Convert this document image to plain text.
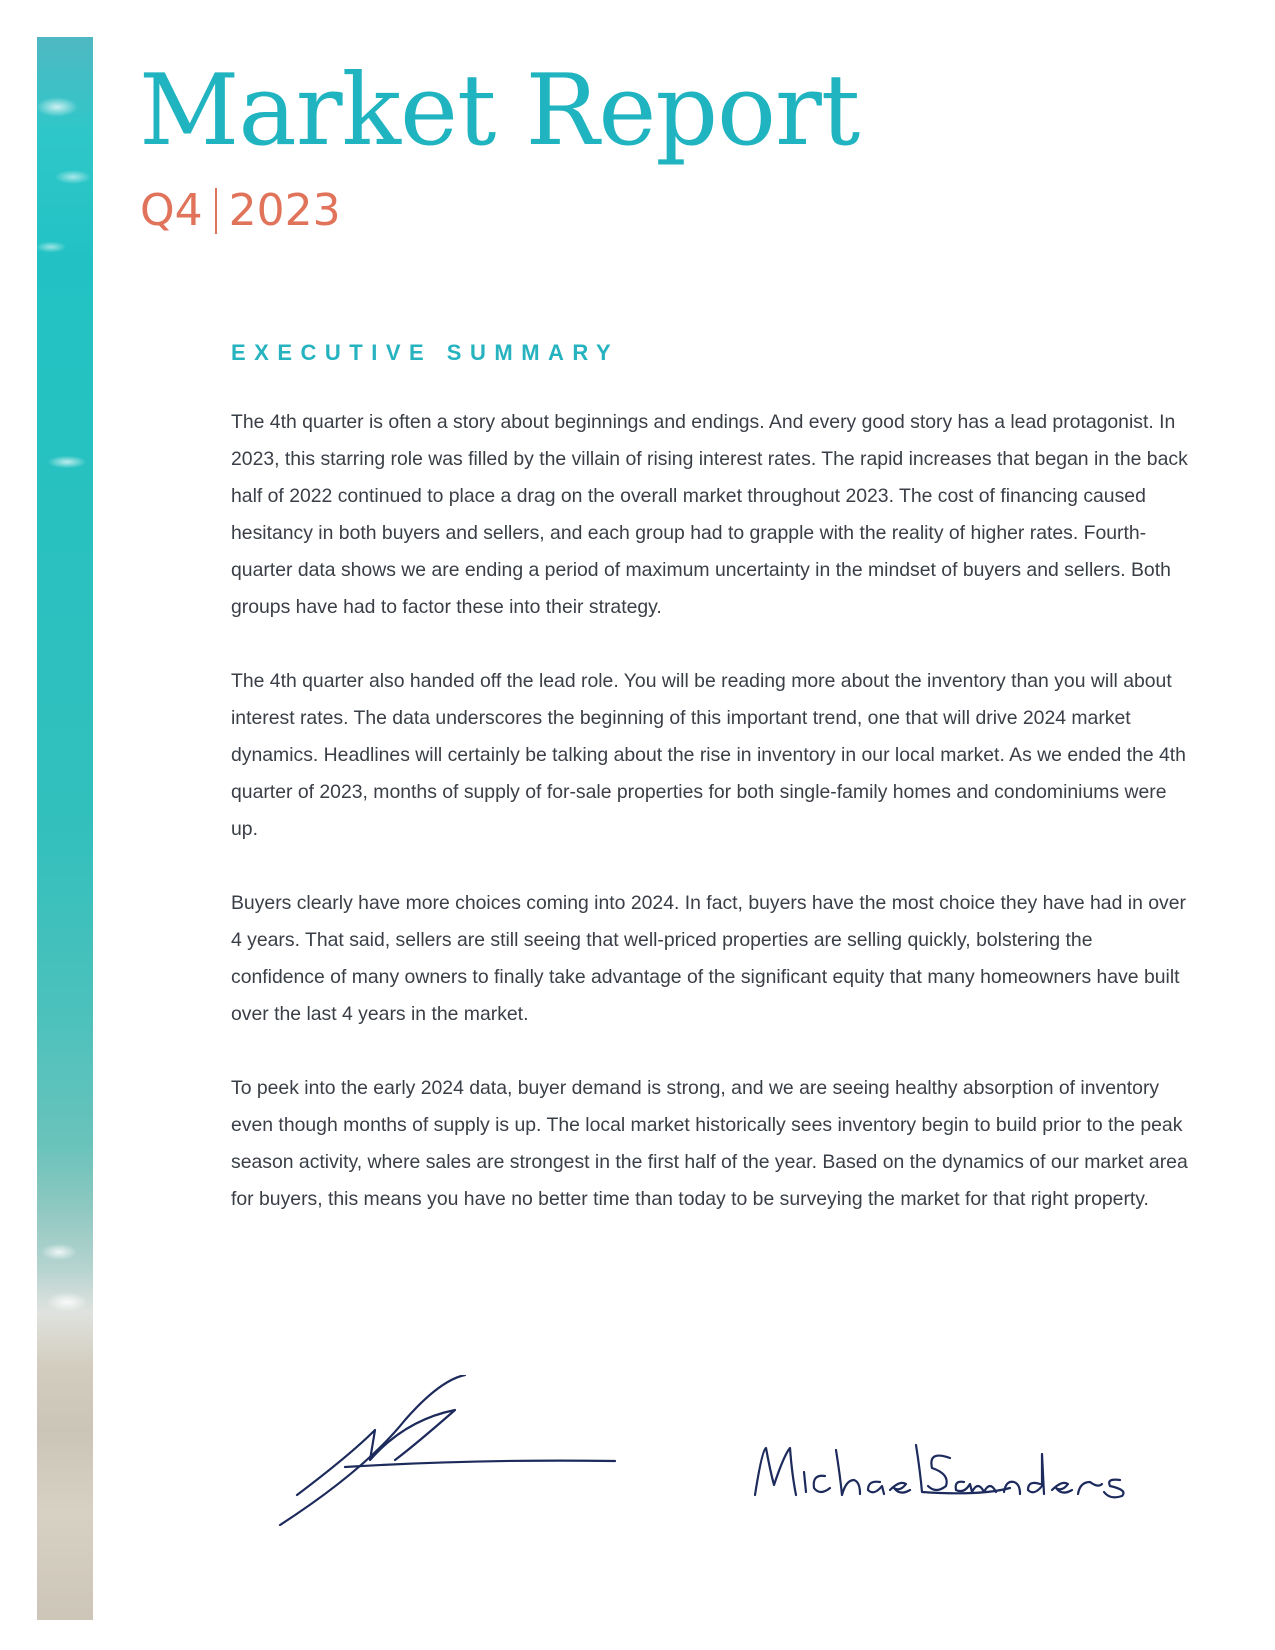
Market Report
Q4 2023
EXECUTIVE SUMMARY

The 4th quarter is often a story about beginnings and endings. And every good story has a lead protagonist. In 2023, this starring role was filled by the villain of rising interest rates. The rapid increases that began in the back half of 2022 continued to place a drag on the overall market throughout 2023. The cost of financing caused hesitancy in both buyers and sellers, and each group had to grapple with the reality of higher rates. Fourth-quarter data shows we are ending a period of maximum uncertainty in the mindset of buyers and sellers. Both groups have had to factor these into their strategy.

The 4th quarter also handed off the lead role. You will be reading more about the inventory than you will about interest rates. The data underscores the beginning of this important trend, one that will drive 2024 market dynamics. Headlines will certainly be talking about the rise in inventory in our local market. As we ended the 4th quarter of 2023, months of supply of for-sale properties for both single-family homes and condominiums were up.

Buyers clearly have more choices coming into 2024. In fact, buyers have the most choice they have had in over 4 years. That said, sellers are still seeing that well-priced properties are selling quickly, bolstering the confidence of many owners to finally take advantage of the significant equity that many homeowners have built over the last 4 years in the market.

To peek into the early 2024 data, buyer demand is strong, and we are seeing healthy absorption of inventory even though months of supply is up. The local market historically sees inventory begin to build prior to the peak season activity, where sales are strongest in the first half of the year. Based on the dynamics of our market area for buyers, this means you have no better time than today to be surveying the market for that right property.
